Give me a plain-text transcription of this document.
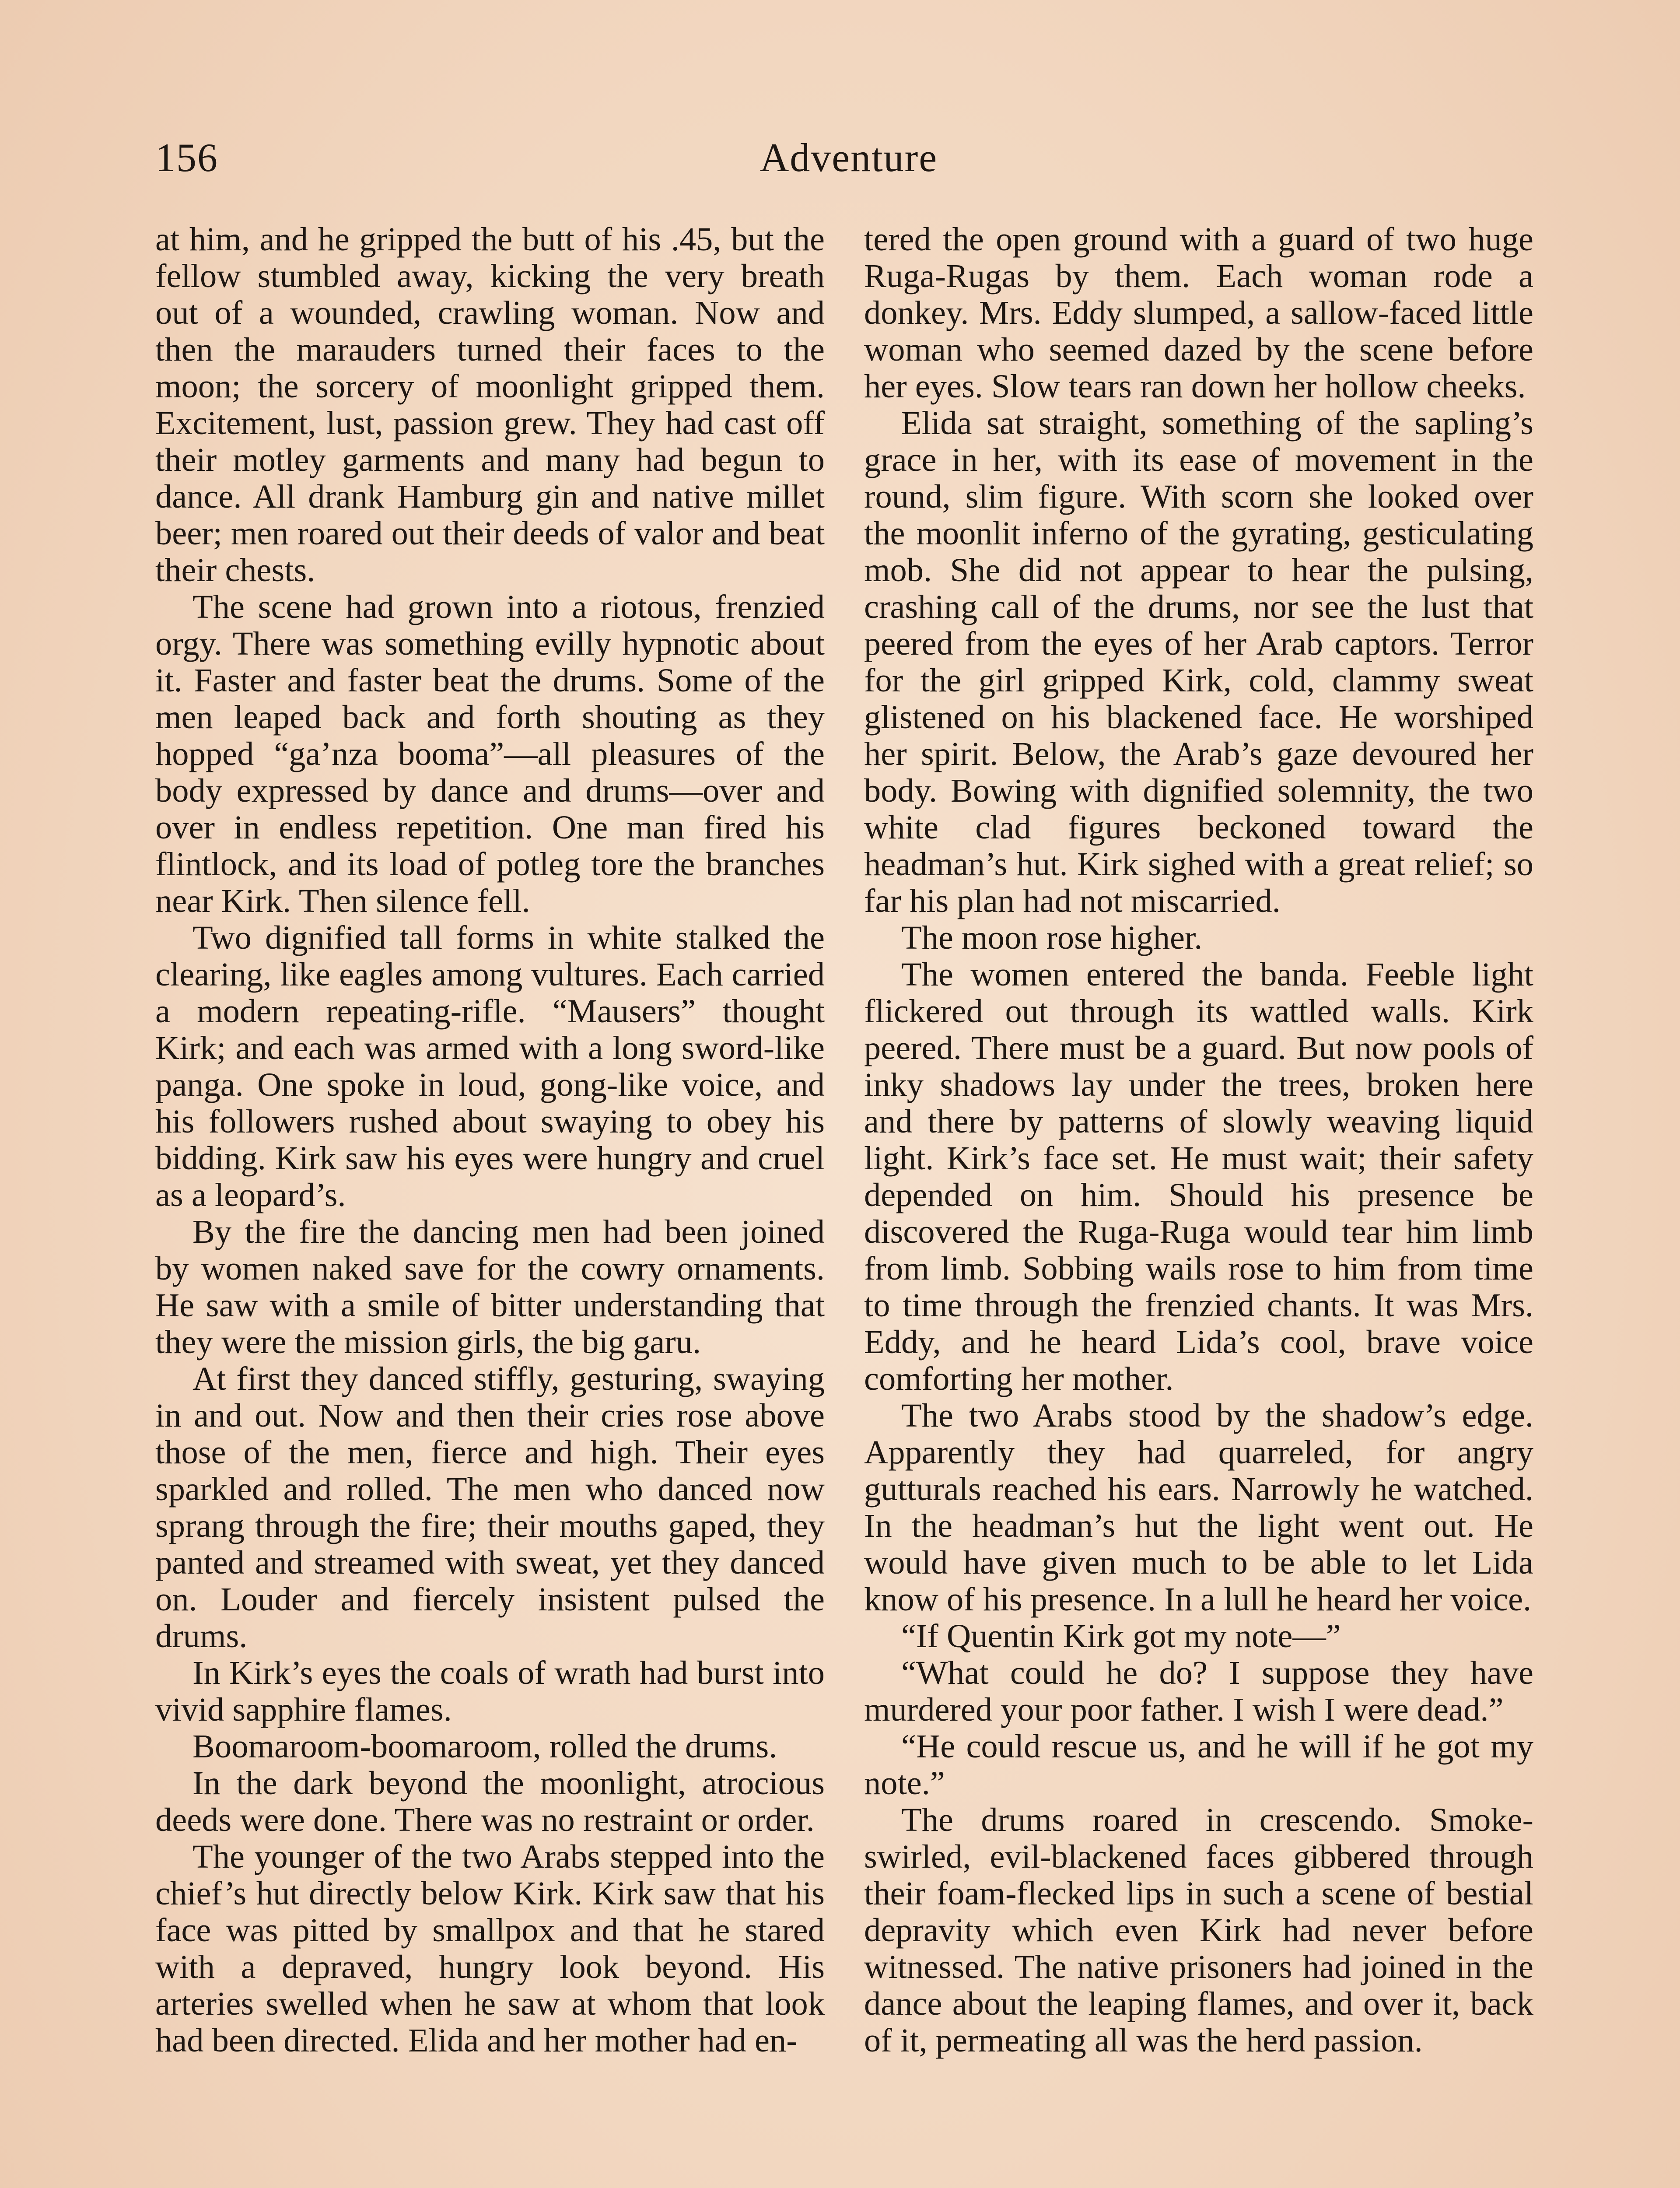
156	Adventure

at him, and he gripped the butt of his .45, but the fellow stumbled away, kicking the very breath out of a wounded, crawling woman. Now and then the marauders turned their faces to the moon; the sorcery of moonlight gripped them. Excitement, lust, passion grew. They had cast off their motley garments and many had begun to dance. All drank Hamburg gin and native millet beer; men roared out their deeds of valor and beat their chests.

The scene had grown into a riotous, frenzied orgy. There was something evilly hypnotic about it. Faster and faster beat the drums. Some of the men leaped back and forth shouting as they hopped “ga’nza booma”—all pleasures of the body expressed by dance and drums—over and over in endless repetition. One man fired his flintlock, and its load of potleg tore the branches near Kirk. Then silence fell.

Two dignified tall forms in white stalked the clearing, like eagles among vultures. Each carried a modern repeating-rifle. “Mausers” thought Kirk; and each was armed with a long sword-like panga. One spoke in loud, gong-like voice, and his followers rushed about swaying to obey his bidding. Kirk saw his eyes were hungry and cruel as a leopard’s.

By the fire the dancing men had been joined by women naked save for the cowry ornaments. He saw with a smile of bitter understanding that they were the mission girls, the big garu.

At first they danced stiffly, gesturing, swaying in and out. Now and then their cries rose above those of the men, fierce and high. Their eyes sparkled and rolled. The men who danced now sprang through the fire; their mouths gaped, they panted and streamed with sweat, yet they danced on. Louder and fiercely insistent pulsed the drums.

In Kirk’s eyes the coals of wrath had burst into vivid sapphire flames.

Boomaroom-boomaroom, rolled the drums.

In the dark beyond the moonlight, atrocious deeds were done. There was no restraint or order.

The younger of the two Arabs stepped into the chief’s hut directly below Kirk. Kirk saw that his face was pitted by smallpox and that he stared with a depraved, hungry look beyond. His arteries swelled when he saw at whom that look had been directed. Elida and her mother had en-

tered the open ground with a guard of two huge Ruga-Rugas by them. Each woman rode a donkey. Mrs. Eddy slumped, a sallow-faced little woman who seemed dazed by the scene before her eyes. Slow tears ran down her hollow cheeks.

Elida sat straight, something of the sapling’s grace in her, with its ease of movement in the round, slim figure. With scorn she looked over the moonlit inferno of the gyrating, gesticulating mob. She did not appear to hear the pulsing, crashing call of the drums, nor see the lust that peered from the eyes of her Arab captors. Terror for the girl gripped Kirk, cold, clammy sweat glistened on his blackened face. He worshiped her spirit. Below, the Arab’s gaze devoured her body. Bowing with dignified solemnity, the two white clad figures beckoned toward the headman’s hut. Kirk sighed with a great relief; so far his plan had not miscarried.

The moon rose higher.

The women entered the banda. Feeble light flickered out through its wattled walls. Kirk peered. There must be a guard. But now pools of inky shadows lay under the trees, broken here and there by patterns of slowly weaving liquid light. Kirk’s face set. He must wait; their safety depended on him. Should his presence be discovered the Ruga-Ruga would tear him limb from limb. Sobbing wails rose to him from time to time through the frenzied chants. It was Mrs. Eddy, and he heard Lida’s cool, brave voice comforting her mother.

The two Arabs stood by the shadow’s edge. Apparently they had quarreled, for angry gutturals reached his ears. Narrowly he watched. In the headman’s hut the light went out. He would have given much to be able to let Lida know of his presence. In a lull he heard her voice.

“If Quentin Kirk got my note—”

“What could he do? I suppose they have murdered your poor father. I wish I were dead.”

“He could rescue us, and he will if he got my note.”

The drums roared in crescendo. Smoke-swirled, evil-blackened faces gibbered through their foam-flecked lips in such a scene of bestial depravity which even Kirk had never before witnessed. The native prisoners had joined in the dance about the leaping flames, and over it, back of it, permeating all was the herd passion.
